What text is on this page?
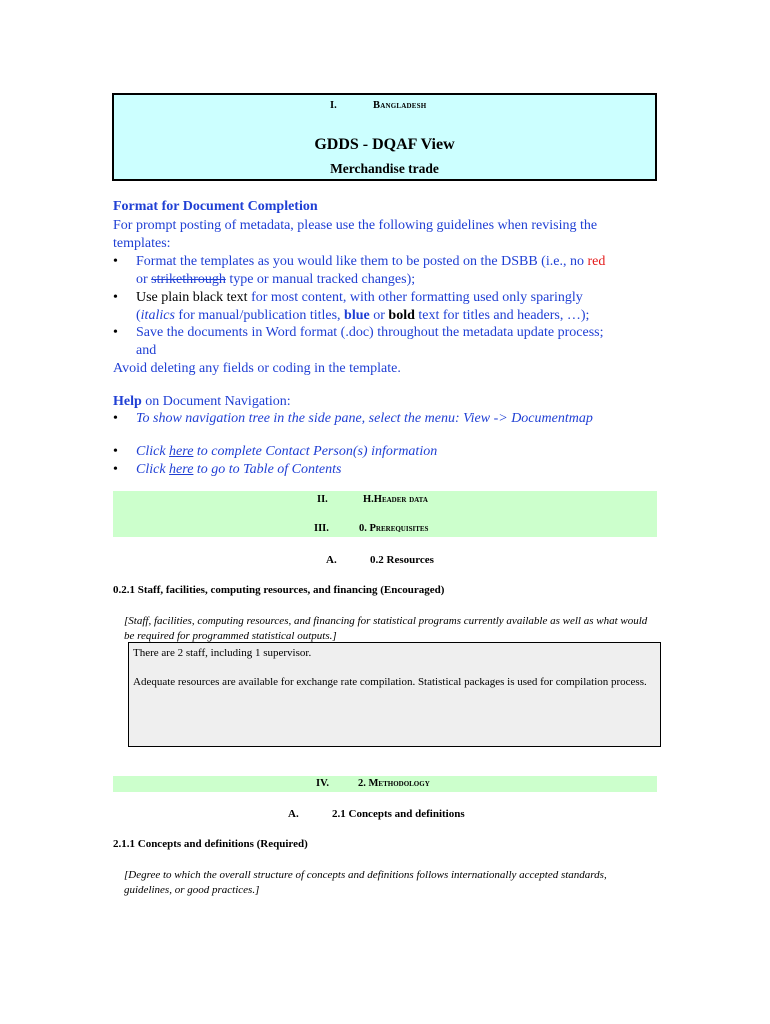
I.	Bangladesh
GDDS - DQAF View
Merchandise trade
Format for Document Completion
For prompt posting of metadata, please use the following guidelines when revising the
templates:
• Format the templates as you would like them to be posted on the DSBB (i.e., no red
or strikethrough type or manual tracked changes);
• Use plain black text for most content, with other formatting used only sparingly
(italics for manual/publication titles, blue or bold text for titles and headers, …);
• Save the documents in Word format (.doc) throughout the metadata update process;
and
Avoid deleting any fields or coding in the template.
Help on Document Navigation:
• To show navigation tree in the side pane, select the menu: View -> Documentmap
• Click here to complete Contact Person(s) information
• Click here to go to Table of Contents
II.	H.Header data
III.	0. Prerequisites
A.	0.2 Resources
0.2.1 Staff, facilities, computing resources, and financing (Encouraged)
[Staff, facilities, computing resources, and financing for statistical programs currently available as well as what would be required for programmed statistical outputs.]

There are 2 staff, including 1 supervisor.

Adequate resources are available for exchange rate compilation. Statistical packages is used for compilation process.

IV.	2. Methodology
A.	2.1 Concepts and definitions
2.1.1 Concepts and definitions (Required)
[Degree to which the overall structure of concepts and definitions follows internationally accepted standards, guidelines, or good practices.]
